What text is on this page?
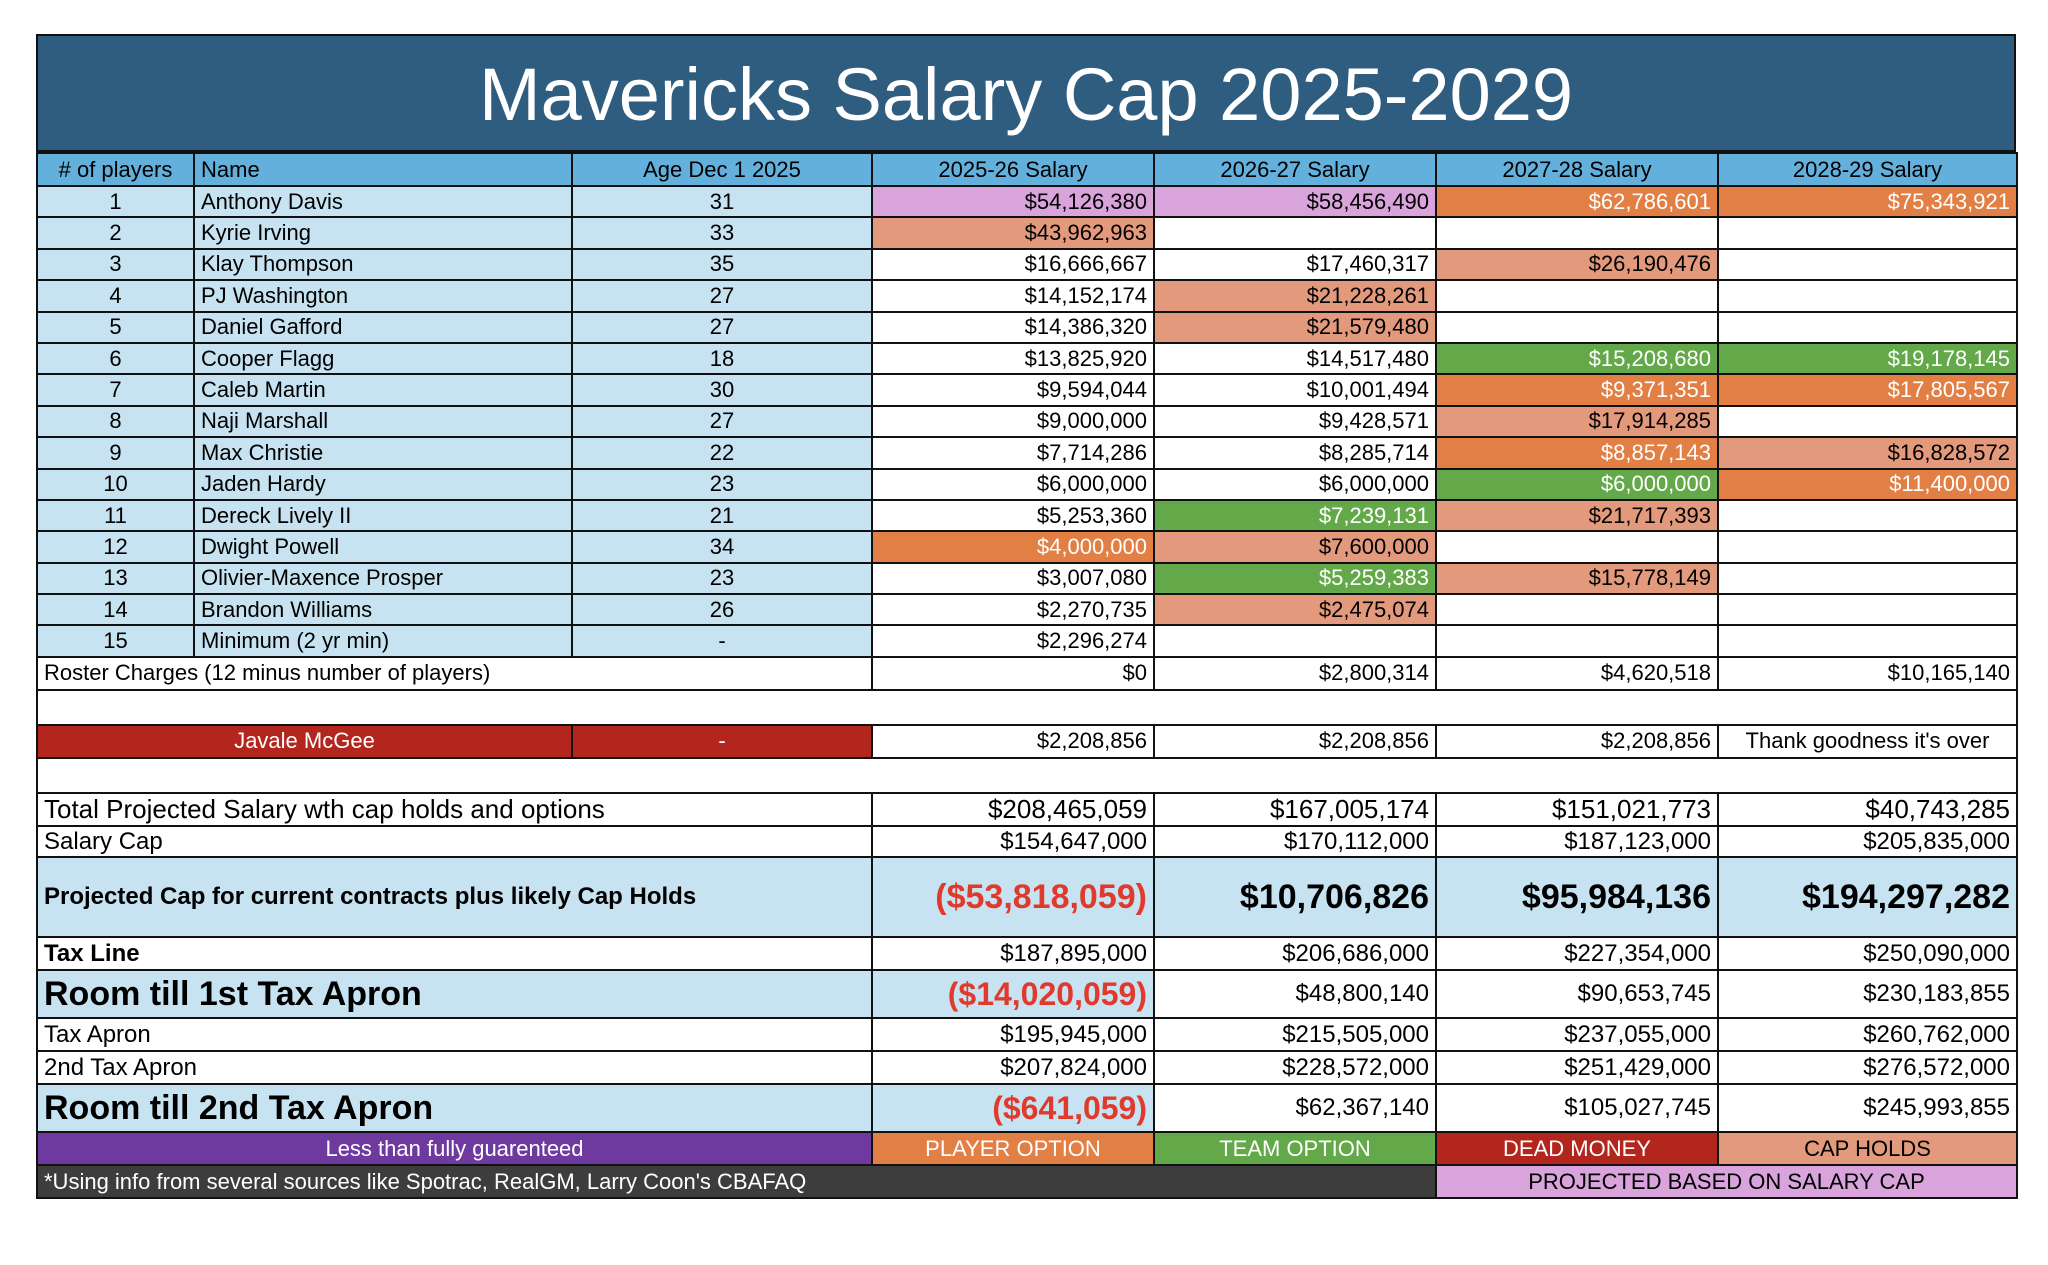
Mavericks Salary Cap 2025-2029
# of players	Name	Age Dec 1 2025	2025-26 Salary	2026-27 Salary	2027-28 Salary	2028-29 Salary
1	Anthony Davis	31	$54,126,380	$58,456,490	$62,786,601	$75,343,921
2	Kyrie Irving	33	$43,962,963			
3	Klay Thompson	35	$16,666,667	$17,460,317	$26,190,476	
4	PJ Washington	27	$14,152,174	$21,228,261		
5	Daniel Gafford	27	$14,386,320	$21,579,480		
6	Cooper Flagg	18	$13,825,920	$14,517,480	$15,208,680	$19,178,145
7	Caleb Martin	30	$9,594,044	$10,001,494	$9,371,351	$17,805,567
8	Naji Marshall	27	$9,000,000	$9,428,571	$17,914,285	
9	Max Christie	22	$7,714,286	$8,285,714	$8,857,143	$16,828,572
10	Jaden Hardy	23	$6,000,000	$6,000,000	$6,000,000	$11,400,000
11	Dereck Lively II	21	$5,253,360	$7,239,131	$21,717,393	
12	Dwight Powell	34	$4,000,000	$7,600,000		
13	Olivier-Maxence Prosper	23	$3,007,080	$5,259,383	$15,778,149	
14	Brandon Williams	26	$2,270,735	$2,475,074		
15	Minimum (2 yr min)	-	$2,296,274			
Roster Charges (12 minus number of players)			$0	$2,800,314	$4,620,518	$10,165,140

Javale McGee		-	$2,208,856	$2,208,856	$2,208,856	Thank goodness it's over

Total Projected Salary wth cap holds and options			$208,465,059	$167,005,174	$151,021,773	$40,743,285
Salary Cap			$154,647,000	$170,112,000	$187,123,000	$205,835,000
Projected Cap for current contracts plus likely Cap Holds			($53,818,059)	$10,706,826	$95,984,136	$194,297,282
Tax Line			$187,895,000	$206,686,000	$227,354,000	$250,090,000
Room till 1st Tax Apron			($14,020,059)	$48,800,140	$90,653,745	$230,183,855
Tax Apron			$195,945,000	$215,505,000	$237,055,000	$260,762,000
2nd Tax Apron			$207,824,000	$228,572,000	$251,429,000	$276,572,000
Room till 2nd Tax Apron			($641,059)	$62,367,140	$105,027,745	$245,993,855
Less than fully guarenteed			PLAYER OPTION	TEAM OPTION	DEAD MONEY	CAP HOLDS
*Using info from several sources like Spotrac, RealGM, Larry Coon's CBAFAQ					PROJECTED BASED ON SALARY CAP	
